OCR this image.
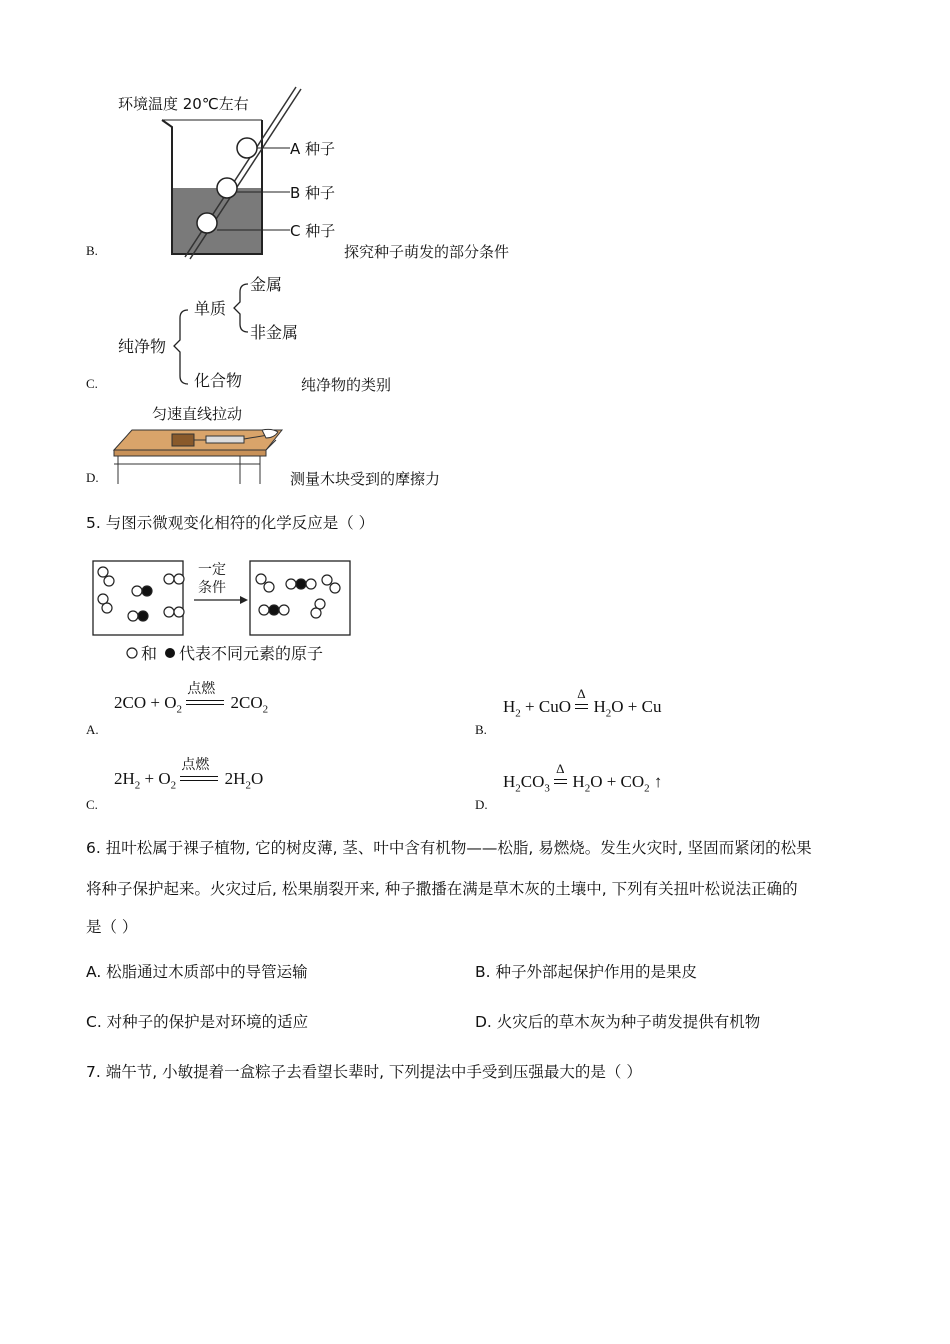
环境温度 20℃左右
A 种子
B 种子
C 种子
B.	探究种子萌发的部分条件
纯净物
单质
化合物
金属
非金属
C.	纯净物的类别
匀速直线拉动
D.	测量木块受到的摩擦力
5. 与图示微观变化相符的化学反应是（ ）
一定
条件
和 代表不同元素的原子
$2CO + O_2$
点燃
$2CO_2$
A.
$H_2$ + CuO
Δ
$H_2O + Cu$
B.
$2H_2 + O_2$
点燃
$2H_2O$
C.
$H_2CO_3$
Δ
$H_2O + CO_2$ ↑
D.
6. 扭叶松属于裸子植物, 它的树皮薄, 茎、叶中含有机物——松脂, 易燃烧。发生火灾时, 坚固而紧闭的松果
将种子保护起来。火灾过后, 松果崩裂开来, 种子撒播在满是草木灰的土壤中, 下列有关扭叶松说法正确的
是（ ）
A. 松脂通过木质部中的导管运输	B. 种子外部起保护作用的是果皮
C. 对种子的保护是对环境的适应	D. 火灾后的草木灰为种子萌发提供有机物
7. 端午节, 小敏提着一盒粽子去看望长辈时, 下列提法中手受到压强最大的是（ ）
